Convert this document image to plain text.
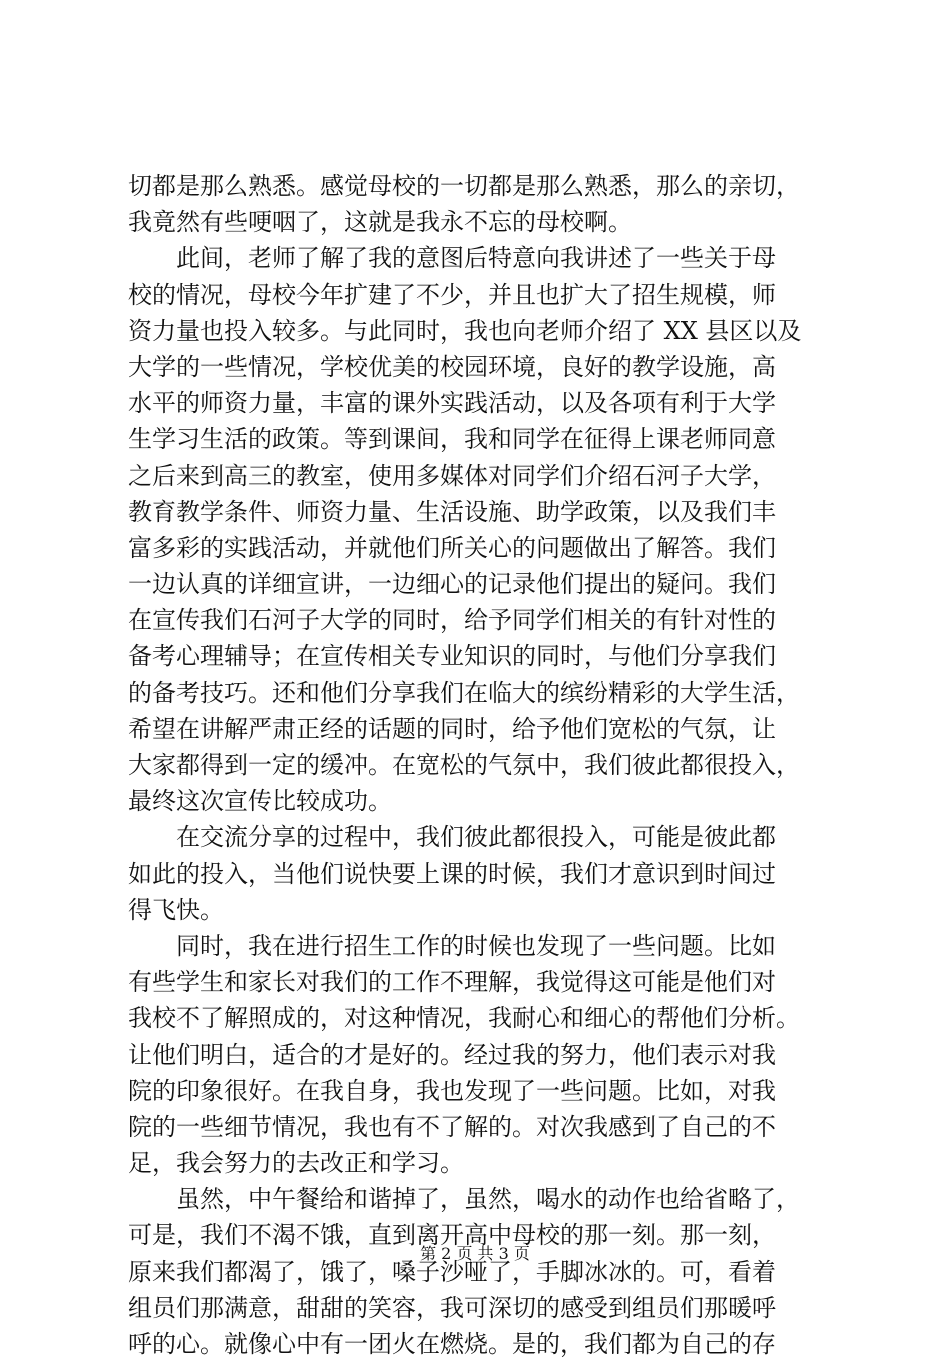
切都是那么熟悉。感觉母校的一切都是那么熟悉，那么的亲切，
我竟然有些哽咽了，这就是我永不忘的母校啊。
　　此间，老师了解了我的意图后特意向我讲述了一些关于母
校的情况，母校今年扩建了不少，并且也扩大了招生规模，师
资力量也投入较多。与此同时，我也向老师介绍了 XX 县区以及
大学的一些情况，学校优美的校园环境，良好的教学设施，高
水平的师资力量，丰富的课外实践活动，以及各项有利于大学
生学习生活的政策。等到课间，我和同学在征得上课老师同意
之后来到高三的教室，使用多媒体对同学们介绍石河子大学，
教育教学条件、师资力量、生活设施、助学政策，以及我们丰
富多彩的实践活动，并就他们所关心的问题做出了解答。我们
一边认真的详细宣讲，一边细心的记录他们提出的疑问。我们
在宣传我们石河子大学的同时，给予同学们相关的有针对性的
备考心理辅导；在宣传相关专业知识的同时，与他们分享我们
的备考技巧。还和他们分享我们在临大的缤纷精彩的大学生活，
希望在讲解严肃正经的话题的同时，给予他们宽松的气氛，让
大家都得到一定的缓冲。在宽松的气氛中，我们彼此都很投入，
最终这次宣传比较成功。
　　在交流分享的过程中，我们彼此都很投入，可能是彼此都
如此的投入，当他们说快要上课的时候，我们才意识到时间过
得飞快。
　　同时，我在进行招生工作的时候也发现了一些问题。比如
有些学生和家长对我们的工作不理解，我觉得这可能是他们对
我校不了解照成的，对这种情况，我耐心和细心的帮他们分析。
让他们明白，适合的才是好的。经过我的努力，他们表示对我
院的印象很好。在我自身，我也发现了一些问题。比如，对我
院的一些细节情况，我也有不了解的。对次我感到了自己的不
足，我会努力的去改正和学习。
　　虽然，中午餐给和谐掉了，虽然，喝水的动作也给省略了，
可是，我们不渴不饿，直到离开高中母校的那一刻。那一刻，
原来我们都渴了，饿了，嗓子沙哑了，手脚冰冰的。可，看着
组员们那满意，甜甜的笑容，我可深切的感受到组员们那暖呼
呼的心。就像心中有一团火在燃烧。是的，我们都为自己的存
第 2 页 共 3 页
